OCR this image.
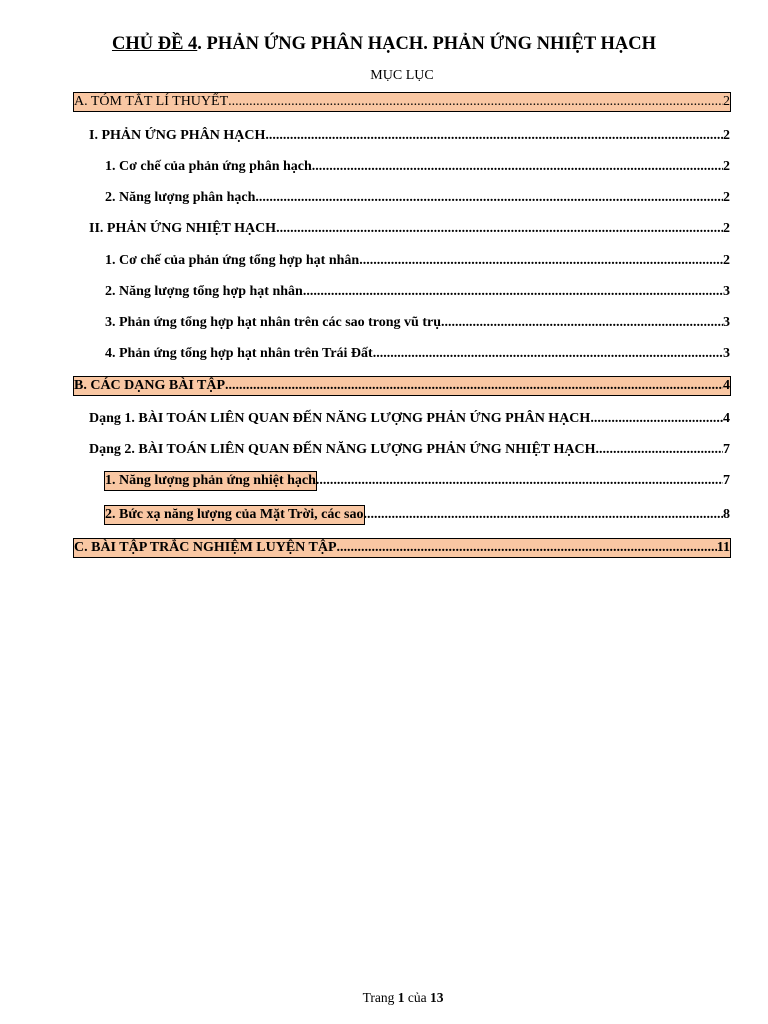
CHỦ ĐỀ 4. PHẢN ỨNG PHÂN HẠCH. PHẢN ỨNG NHIỆT HẠCH
MỤC LỤC
A. TÓM TẮT LÍ THUYẾT .....	2
I. PHẢN ỨNG PHÂN HẠCH .....	2
1. Cơ chế của phản ứng phân hạch .....	2
2. Năng lượng phân hạch .....	2
II. PHẢN ỨNG NHIỆT HẠCH .....	2
1. Cơ chế của phản ứng tổng hợp hạt nhân .....	2
2. Năng lượng tổng hợp hạt nhân .....	3
3. Phản ứng tổng hợp hạt nhân trên các sao trong vũ trụ .....	3
4. Phản ứng tổng hợp hạt nhân trên Trái Đất .....	3
B. CÁC DẠNG BÀI TẬP .....	4
Dạng 1. BÀI TOÁN LIÊN QUAN ĐẾN NĂNG LƯỢNG PHẢN ỨNG PHÂN HẠCH .....	4
Dạng 2. BÀI TOÁN LIÊN QUAN ĐẾN NĂNG LƯỢNG PHẢN ỨNG NHIỆT HẠCH .....	7
1. Năng lượng phản ứng nhiệt hạch .....	7
2. Bức xạ năng lượng của Mặt Trời, các sao .....	8
C. BÀI TẬP TRẮC NGHIỆM LUYỆN TẬP .....	11
Trang 1 của 13
